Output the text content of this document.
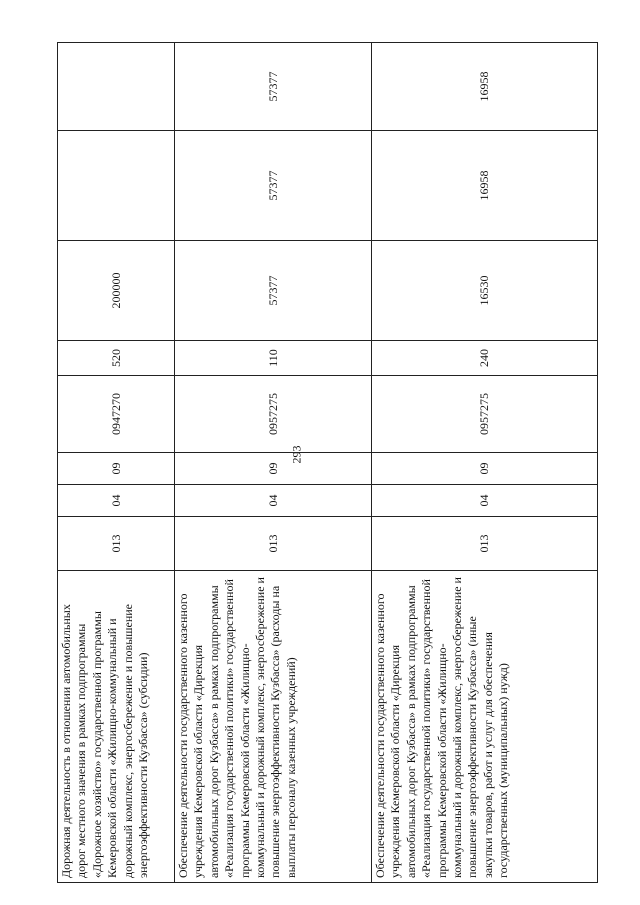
293
Дорожная деятельность в отношении автомобильных дорог местного значения в рамках подпрограммы «Дорожное хозяйство» государственной программы Кемеровской области «Жилищно-коммунальный и дорожный комплекс, энергосбережение и повышение энергоэффективности Кузбасса» (субсидии)	013	04	09	0947270	520	200000		
Обеспечение деятельности государственного казенного учреждения Кемеровской области «Дирекция автомобильных дорог Кузбасса» в рамках подпрограммы «Реализация государственной политики» государственной программы Кемеровской области «Жилищно-коммунальный и дорожный комплекс, энергосбережение и повышение энергоэффективности Кузбасса» (расходы на выплаты персоналу казенных учреждений)	013	04	09	0957275	110	57377	57377	57377
Обеспечение деятельности государственного казенного учреждения Кемеровской области «Дирекция автомобильных дорог Кузбасса» в рамках подпрограммы «Реализация государственной политики» государственной программы Кемеровской области «Жилищно-коммунальный и дорожный комплекс, энергосбережение и повышение энергоэффективности Кузбасса» (иные закупки товаров, работ и услуг для обеспечения государственных (муниципальных) нужд)	013	04	09	0957275	240	16530	16958	16958
